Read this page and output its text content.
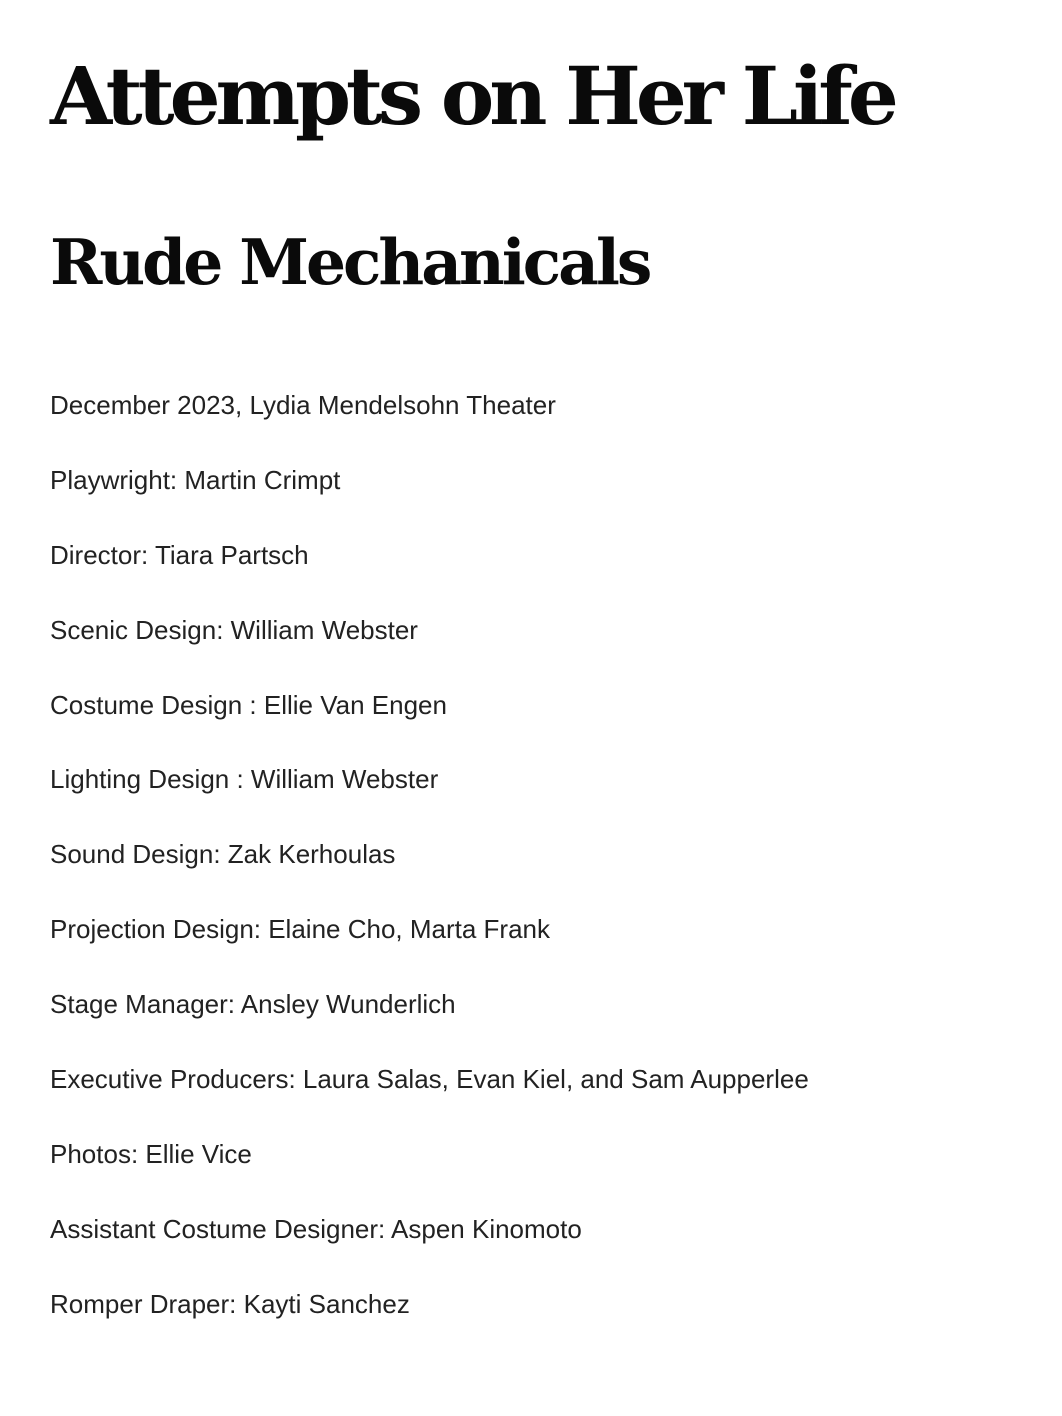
Attempts on Her Life
Rude Mechanicals
December 2023, Lydia Mendelsohn Theater
Playwright: Martin Crimpt
Director: Tiara Partsch
Scenic Design: William Webster
Costume Design : Ellie Van Engen
Lighting Design : William Webster
Sound Design: Zak Kerhoulas
Projection Design: Elaine Cho, Marta Frank
Stage Manager: Ansley Wunderlich
Executive Producers: Laura Salas, Evan Kiel, and Sam Aupperlee
Photos: Ellie Vice
Assistant Costume Designer: Aspen Kinomoto
Romper Draper: Kayti Sanchez
